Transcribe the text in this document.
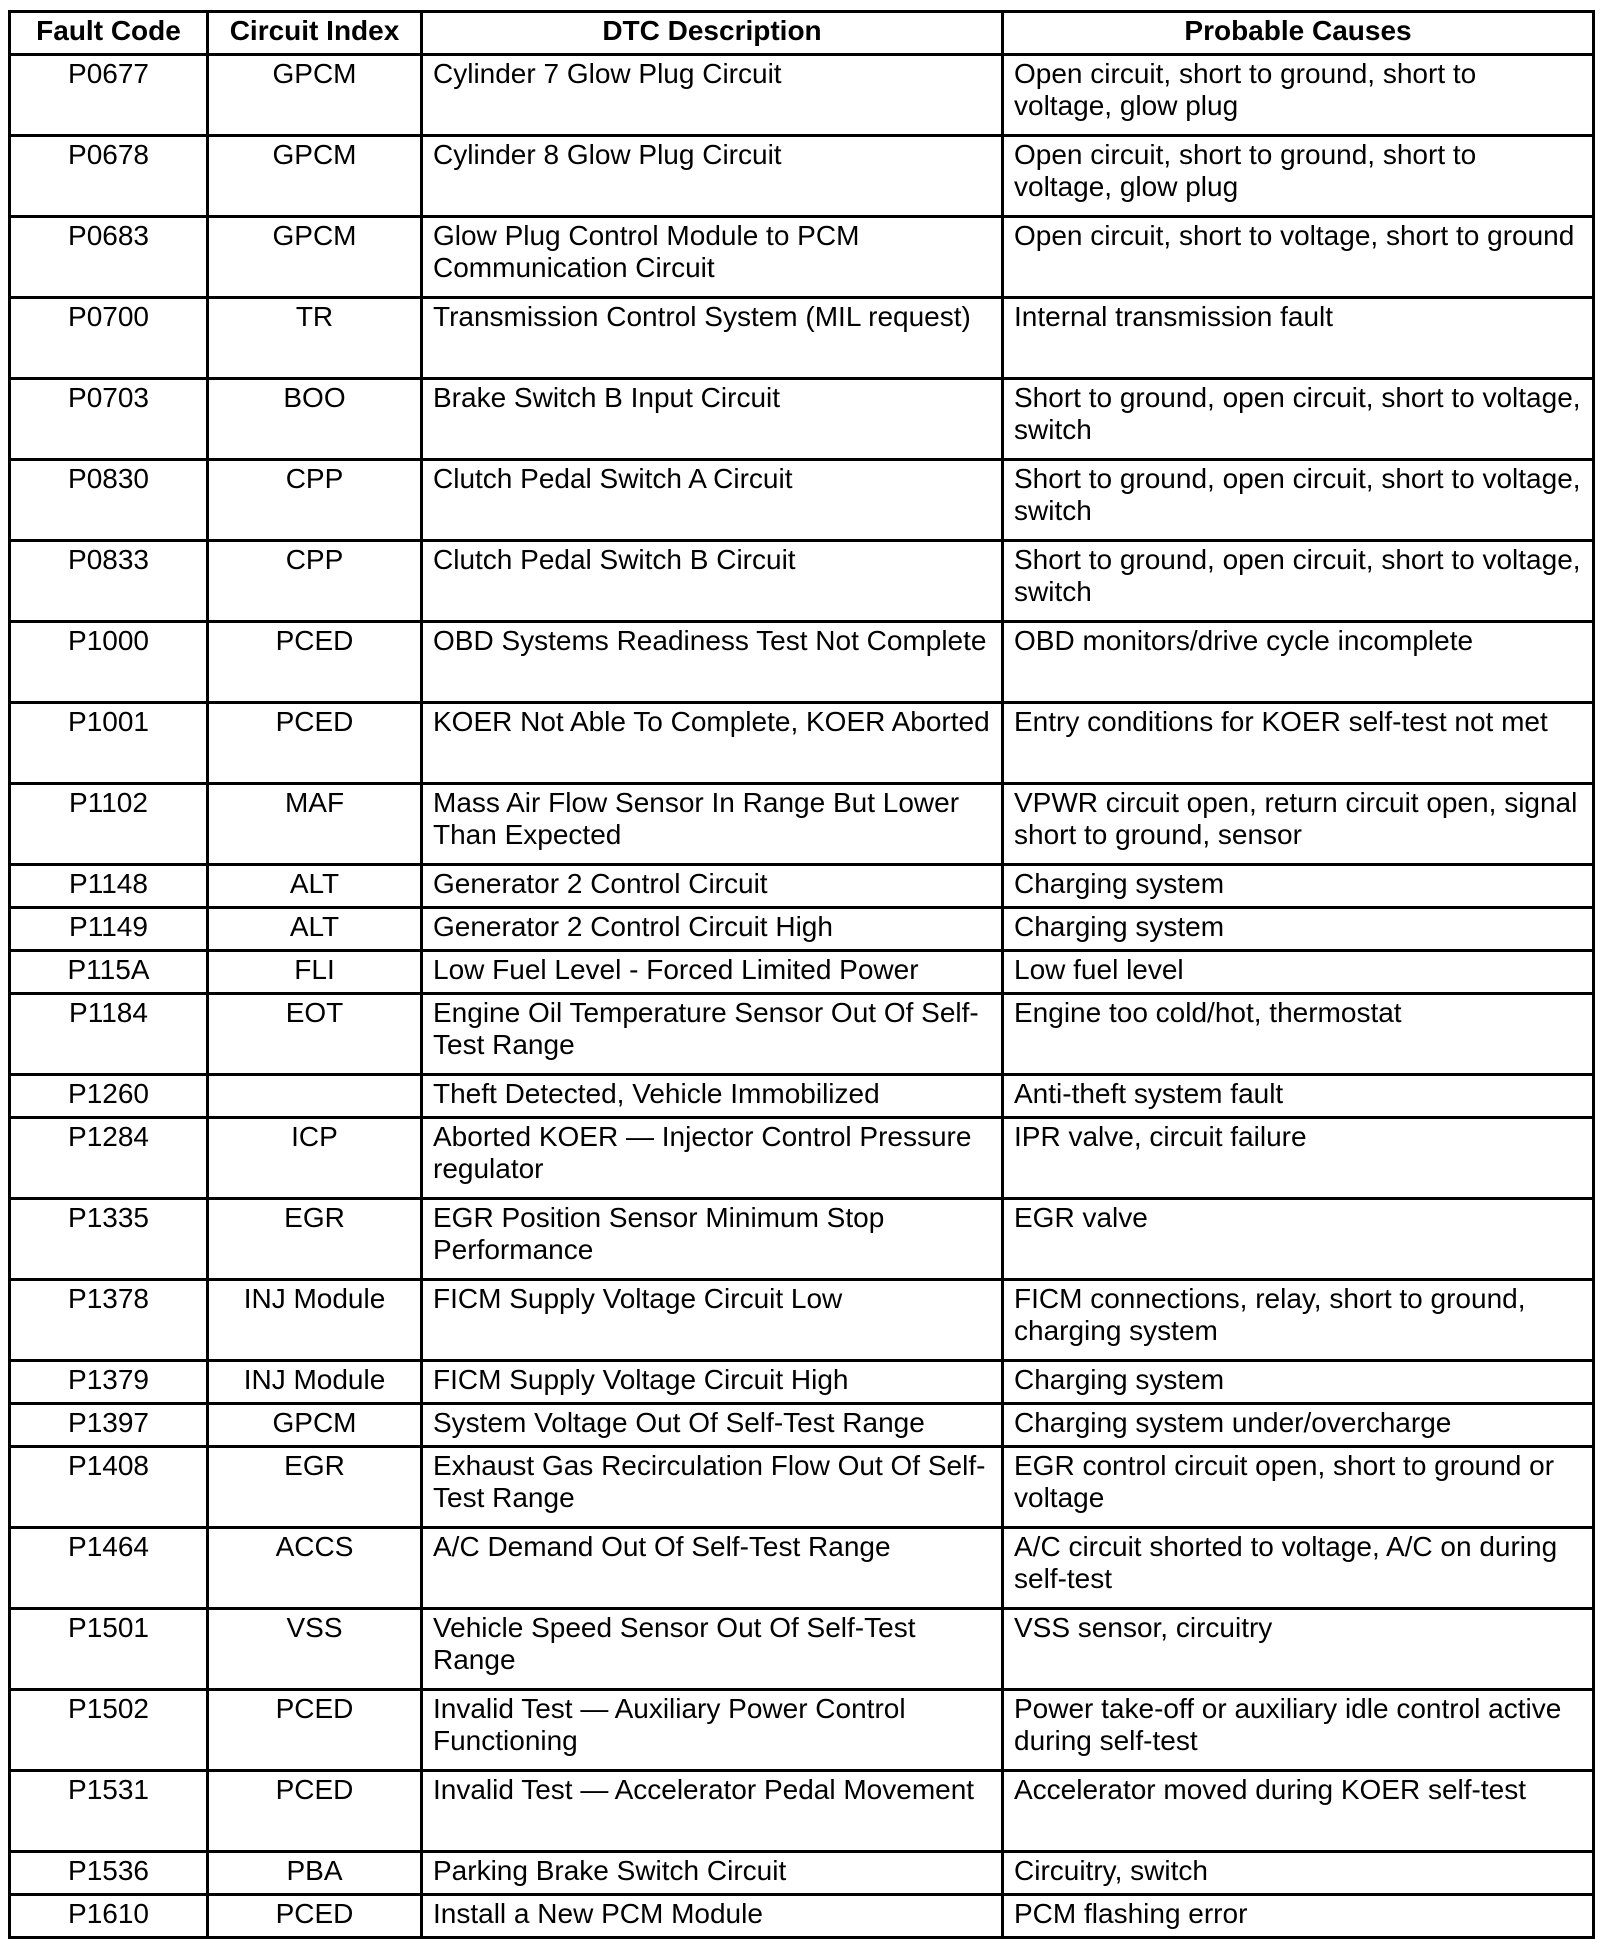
Fault Code	Circuit Index	DTC Description	Probable Causes
P0677	GPCM	Cylinder 7 Glow Plug Circuit	Open circuit, short to ground, short to voltage, glow plug
P0678	GPCM	Cylinder 8 Glow Plug Circuit	Open circuit, short to ground, short to voltage, glow plug
P0683	GPCM	Glow Plug Control Module to PCM Communication Circuit	Open circuit, short to voltage, short to ground
P0700	TR	Transmission Control System (MIL request)	Internal transmission fault
P0703	BOO	Brake Switch B Input Circuit	Short to ground, open circuit, short to voltage, switch
P0830	CPP	Clutch Pedal Switch A Circuit	Short to ground, open circuit, short to voltage, switch
P0833	CPP	Clutch Pedal Switch B Circuit	Short to ground, open circuit, short to voltage, switch
P1000	PCED	OBD Systems Readiness Test Not Complete	OBD monitors/drive cycle incomplete
P1001	PCED	KOER Not Able To Complete, KOER Aborted	Entry conditions for KOER self-test not met
P1102	MAF	Mass Air Flow Sensor In Range But Lower Than Expected	VPWR circuit open, return circuit open, signal short to ground, sensor
P1148	ALT	Generator 2 Control Circuit	Charging system
P1149	ALT	Generator 2 Control Circuit High	Charging system
P115A	FLI	Low Fuel Level - Forced Limited Power	Low fuel level
P1184	EOT	Engine Oil Temperature Sensor Out Of Self-Test Range	Engine too cold/hot, thermostat
P1260		Theft Detected, Vehicle Immobilized	Anti-theft system fault
P1284	ICP	Aborted KOER — Injector Control Pressure regulator	IPR valve, circuit failure
P1335	EGR	EGR Position Sensor Minimum Stop Performance	EGR valve
P1378	INJ Module	FICM Supply Voltage Circuit Low	FICM connections, relay, short to ground, charging system
P1379	INJ Module	FICM Supply Voltage Circuit High	Charging system
P1397	GPCM	System Voltage Out Of Self-Test Range	Charging system under/overcharge
P1408	EGR	Exhaust Gas Recirculation Flow Out Of Self-Test Range	EGR control circuit open, short to ground or voltage
P1464	ACCS	A/C Demand Out Of Self-Test Range	A/C circuit shorted to voltage, A/C on during self-test
P1501	VSS	Vehicle Speed Sensor Out Of Self-Test Range	VSS sensor, circuitry
P1502	PCED	Invalid Test — Auxiliary Power Control Functioning	Power take-off or auxiliary idle control active during self-test
P1531	PCED	Invalid Test — Accelerator Pedal Movement	Accelerator moved during KOER self-test
P1536	PBA	Parking Brake Switch Circuit	Circuitry, switch
P1610	PCED	Install a New PCM Module	PCM flashing error
